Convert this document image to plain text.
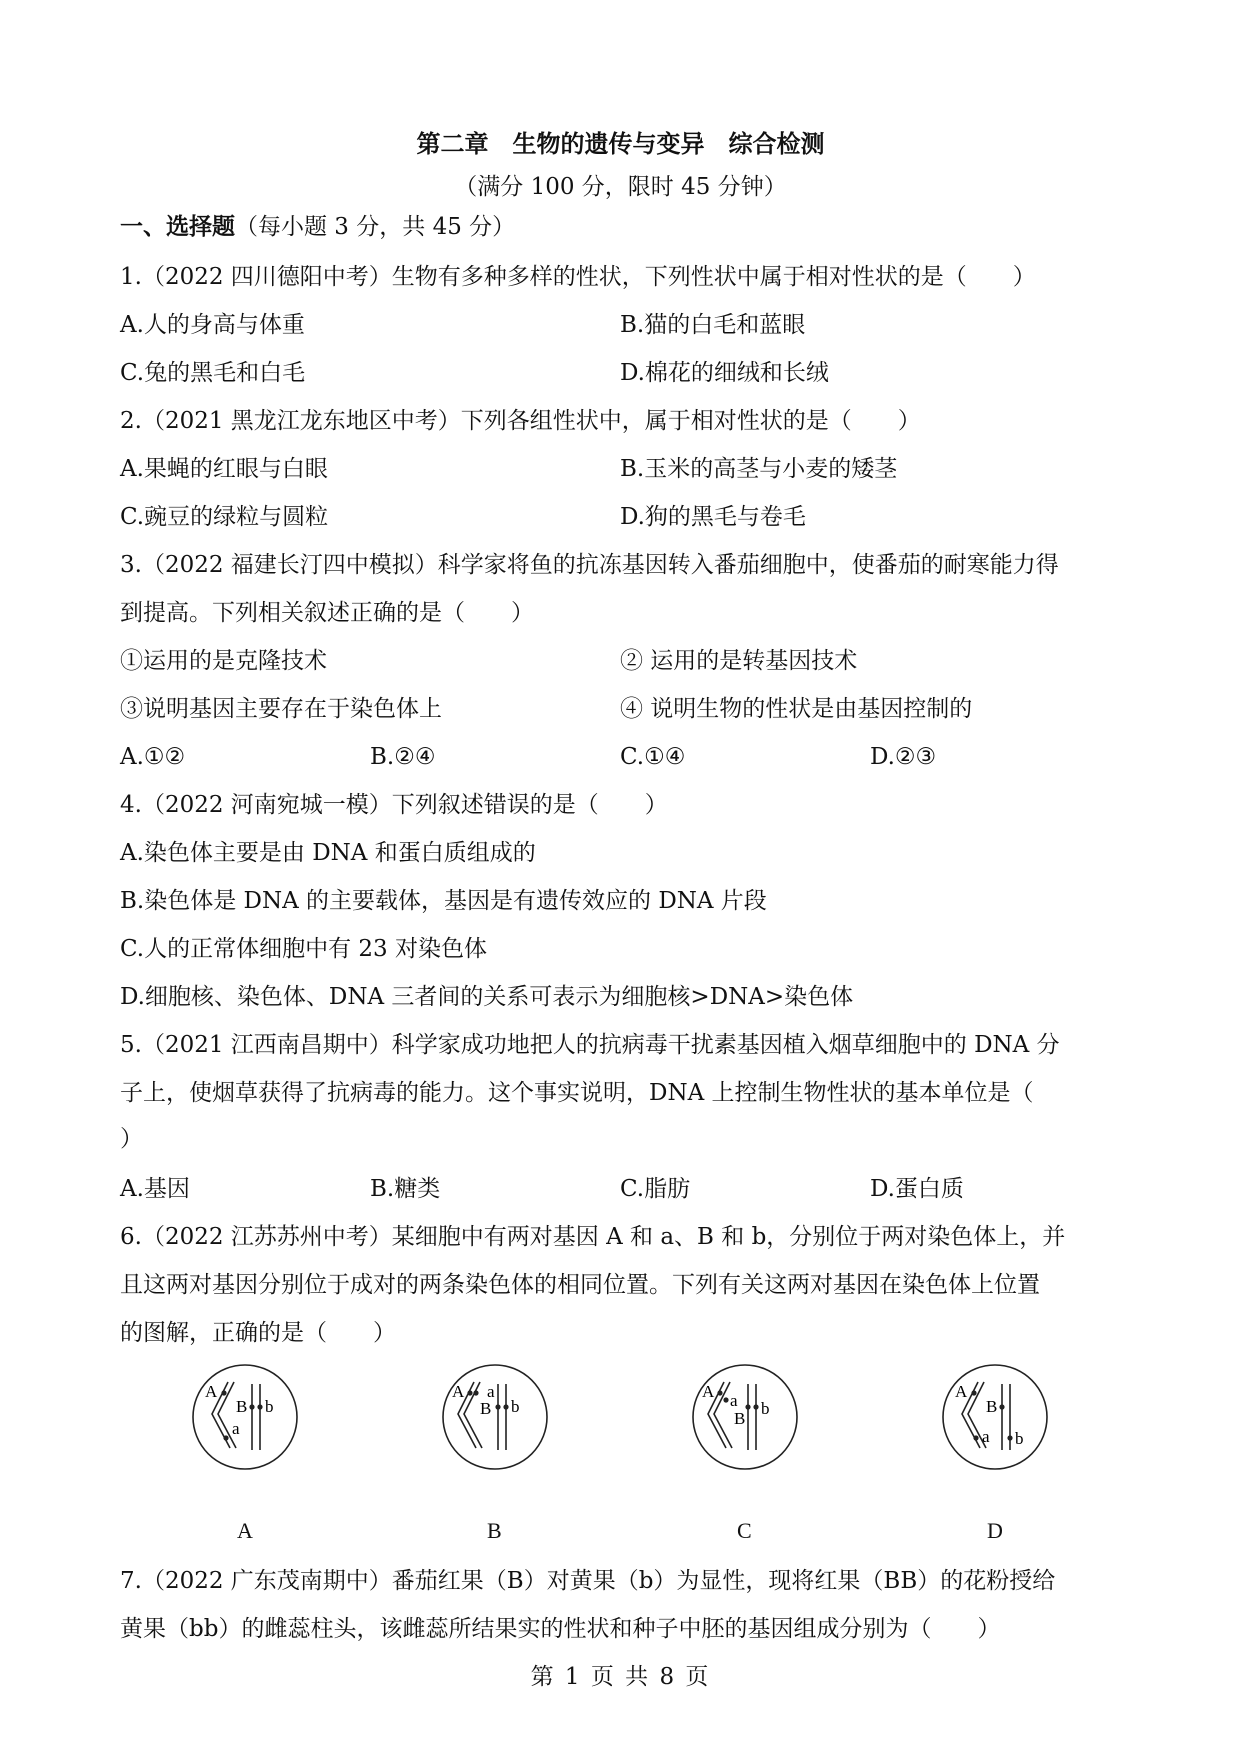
第二章　生物的遗传与变异　综合检测
（满分 100 分，限时 45 分钟）
一、选择题（每小题 3 分，共 45 分）
1.（2022 四川德阳中考）生物有多种多样的性状，下列性状中属于相对性状的是（　　）
A.人的身高与体重	B.猫的白毛和蓝眼
C.兔的黑毛和白毛	D.棉花的细绒和长绒
2.（2021 黑龙江龙东地区中考）下列各组性状中，属于相对性状的是（　　）
A.果蝇的红眼与白眼	B.玉米的高茎与小麦的矮茎
C.豌豆的绿粒与圆粒	D.狗的黑毛与卷毛
3.（2022 福建长汀四中模拟）科学家将鱼的抗冻基因转入番茄细胞中，使番茄的耐寒能力得
到提高。下列相关叙述正确的是（　　）
①运用的是克隆技术	② 运用的是转基因技术
③说明基因主要存在于染色体上	④ 说明生物的性状是由基因控制的
A.①②	B.②④	C.①④	D.②③
4.（2022 河南宛城一模）下列叙述错误的是（　　）
A.染色体主要是由 DNA 和蛋白质组成的
B.染色体是 DNA 的主要载体，基因是有遗传效应的 DNA 片段
C.人的正常体细胞中有 23 对染色体
D.细胞核、染色体、DNA 三者间的关系可表示为细胞核>DNA>染色体
5.（2021 江西南昌期中）科学家成功地把人的抗病毒干扰素基因植入烟草细胞中的 DNA 分
子上，使烟草获得了抗病毒的能力。这个事实说明，DNA 上控制生物性状的基本单位是（
）
A.基因	B.糖类	C.脂肪	D.蛋白质
6.（2022 江苏苏州中考）某细胞中有两对基因 A 和 a、B 和 b，分别位于两对染色体上，并
且这两对基因分别位于成对的两条染色体的相同位置。下列有关这两对基因在染色体上位置
的图解，正确的是（　　）
A
a
B b
A a
B b
A a
B
b
A
a
B
b
A	B	C	D
7.（2022 广东茂南期中）番茄红果（B）对黄果（b）为显性，现将红果（BB）的花粉授给
黄果（bb）的雌蕊柱头，该雌蕊所结果实的性状和种子中胚的基因组成分别为（　　）
第 1 页 共 8 页
